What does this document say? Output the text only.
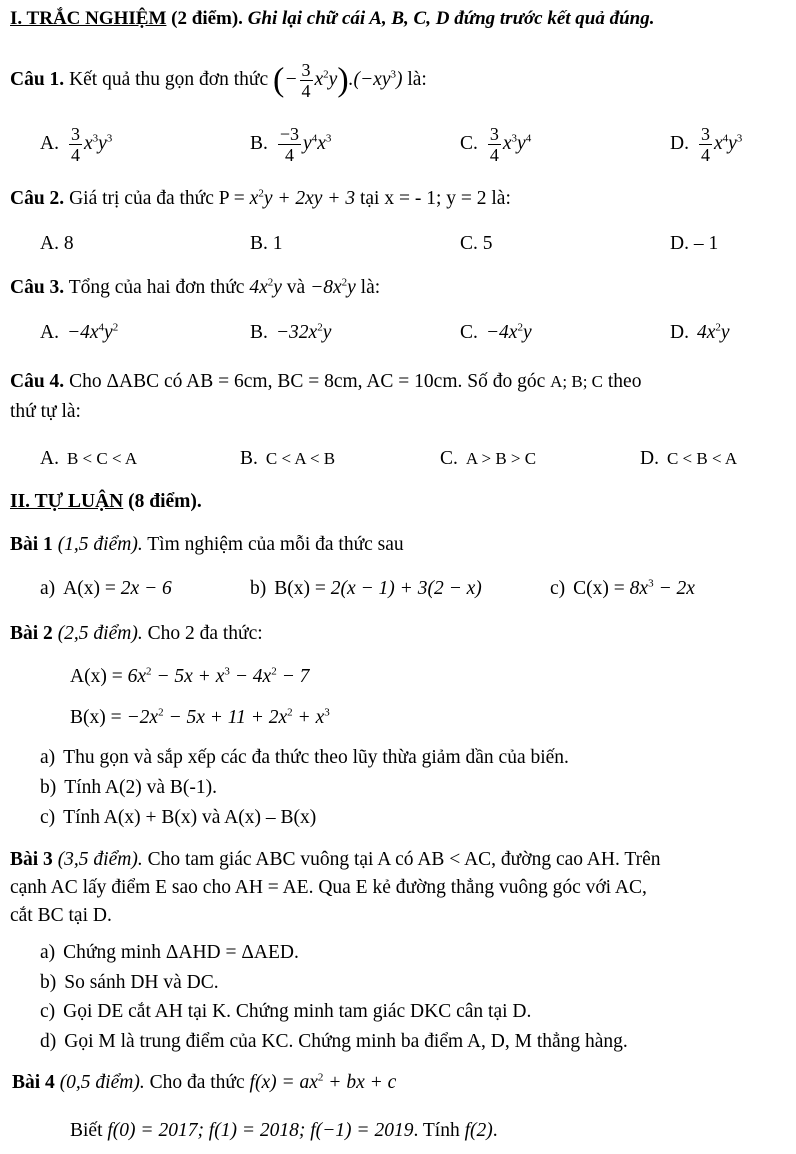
I. TRẮC NGHIỆM (2 điểm). Ghi lại chữ cái A, B, C, D đứng trước kết quả đúng.
Câu 1. Kết quả thu gọn đơn thức (− $\frac{3}{4} x^2y).(-xy^3)$ là:
A. $\frac{3}{4} x^3y^3$	B. $\frac{-3}{4} y^4x^3$	C. $\frac{3}{4} x^3y^4$	D. $\frac{3}{4} x^4y^3$
Câu 2. Giá trị của đa thức $P = x^2y + 2xy + 3$ tại x = - 1; y = 2 là:
A. 8	B. 1	C. 5	D. – 1
Câu 3. Tổng của hai đơn thức $4x^2y$ và $-8x^2y$ là:
A. $-4x^4y^2$	B. $-32x^2y$	C. $-4x^2y$	D. $4x^2y$
Câu 4. Cho ΔABC có AB = 6cm, BC = 8cm, AC = 10cm. Số đo góc A; B; C theo
thứ tự là:
A. B < C < A	B. C < A < B	C. A > B > C	D. C < B < A
II. TỰ LUẬN (8 điểm).
Bài 1 (1,5 điểm). Tìm nghiệm của mỗi đa thức sau
a) A(x) = 2x − 6	b) B(x) = 2(x − 1) + 3(2 − x)	c) $C(x) = 8x^3 - 2x$
Bài 2 (2,5 điểm). Cho 2 đa thức:
$A(x) = 6x^2 - 5x + x^3 - 4x^2 - 7$
$B(x) = -2x^2 - 5x + 11 + 2x^2 + x^3$
a) Thu gọn và sắp xếp các đa thức theo lũy thừa giảm dần của biến.
b) Tính A(2) và B(-1).
c) Tính A(x) + B(x) và A(x) – B(x)
Bài 3 (3,5 điểm). Cho tam giác ABC vuông tại A có AB < AC, đường cao AH. Trên
cạnh AC lấy điểm E sao cho AH = AE. Qua E kẻ đường thẳng vuông góc với AC,
cắt BC tại D.
a) Chứng minh ΔAHD = ΔAED.
b) So sánh DH và DC.
c) Gọi DE cắt AH tại K. Chứng minh tam giác DKC cân tại D.
d) Gọi M là trung điểm của KC. Chứng minh ba điểm A, D, M thẳng hàng.
Bài 4 (0,5 điểm). Cho đa thức $f(x) = ax^2$ + bx + c
Biết f(0) = 2017; f(1) = 2018; f(−1) = 2019. Tính f(2).
